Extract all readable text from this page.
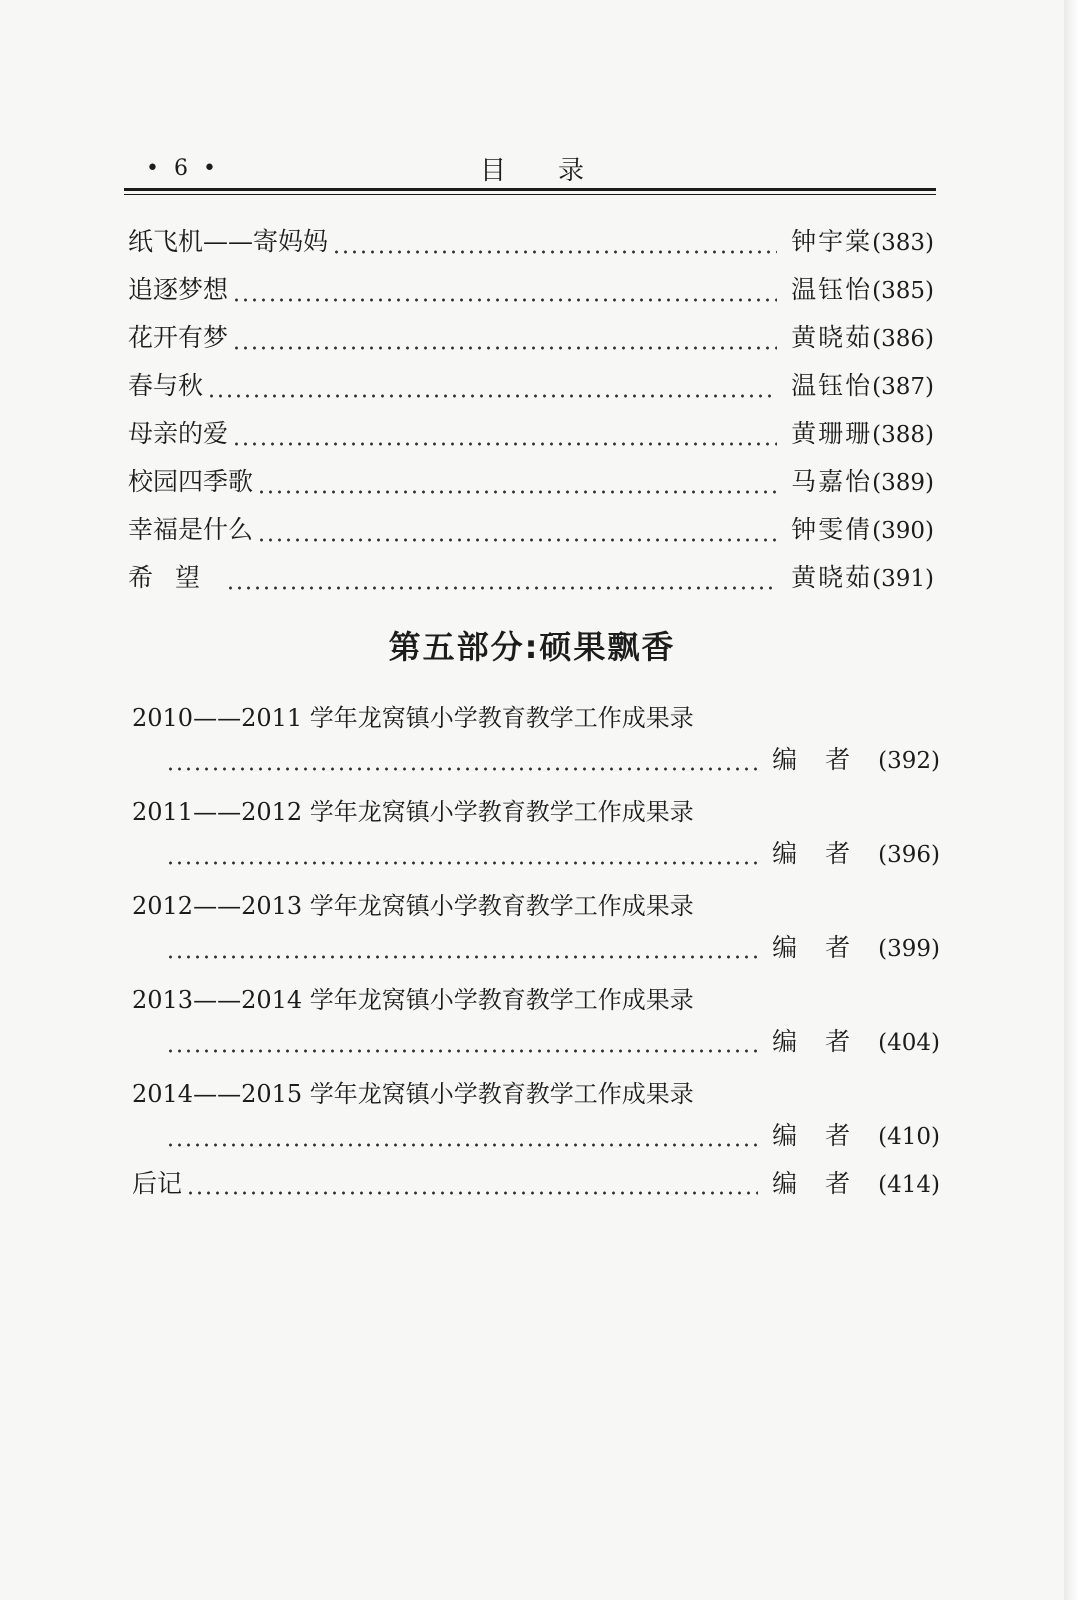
• 6 •	目录
纸飞机——寄妈妈	钟宇棠 (383)
追逐梦想	温钰怡 (385)
花开有梦	黄晓茹 (386)
春与秋	温钰怡 (387)
母亲的爱	黄珊珊 (388)
校园四季歌	马嘉怡 (389)
幸福是什么	钟雯倩 (390)
希望	黄晓茹 (391)
第五部分:硕果飘香
2010——2011 学年龙窝镇小学教育教学工作成果录
编者 (392)
2011——2012 学年龙窝镇小学教育教学工作成果录
编者 (396)
2012——2013 学年龙窝镇小学教育教学工作成果录
编者 (399)
2013——2014 学年龙窝镇小学教育教学工作成果录
编者 (404)
2014——2015 学年龙窝镇小学教育教学工作成果录
编者 (410)
后记	编者 (414)
